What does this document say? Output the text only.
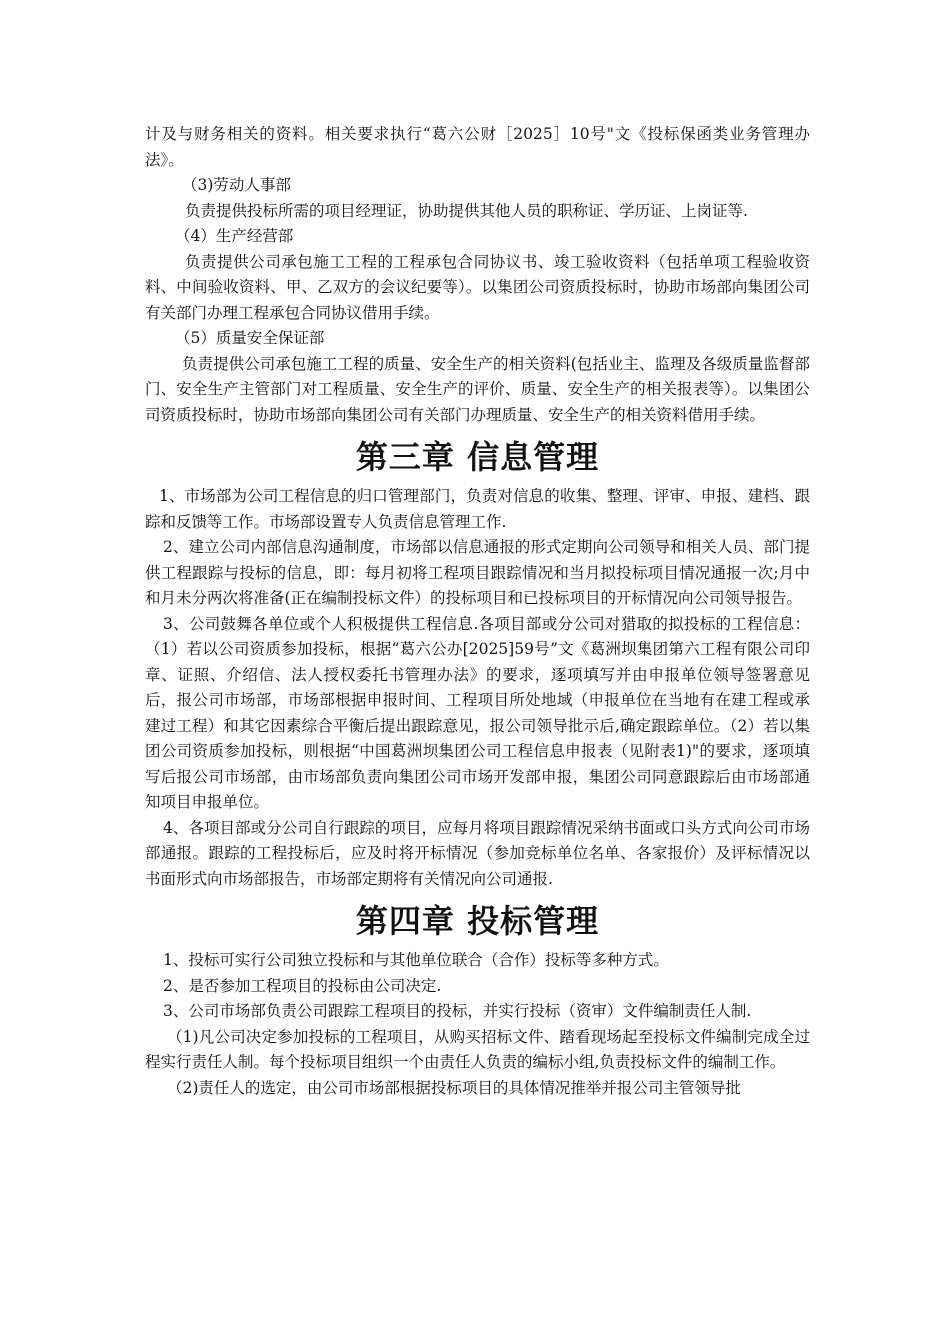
计及与财务相关的资料。相关要求执行“葛六公财［2025］10号"文《投标保函类业务管理办法》。

（3)劳动人事部

负责提供投标所需的项目经理证，协助提供其他人员的职称证、学历证、上岗证等.

（4）生产经营部

负责提供公司承包施工工程的工程承包合同协议书、竣工验收资料（包括单项工程验收资料、中间验收资料、甲、乙双方的会议纪要等）。以集团公司资质投标时，协助市场部向集团公司有关部门办理工程承包合同协议借用手续。

（5）质量安全保证部

负责提供公司承包施工工程的质量、安全生产的相关资料(包括业主、监理及各级质量监督部门、安全生产主管部门对工程质量、安全生产的评价、质量、安全生产的相关报表等）。以集团公司资质投标时，协助市场部向集团公司有关部门办理质量、安全生产的相关资料借用手续。

第三章 信息管理

1、市场部为公司工程信息的归口管理部门，负责对信息的收集、整理、评审、申报、建档、跟踪和反馈等工作。市场部设置专人负责信息管理工作.

2、建立公司内部信息沟通制度，市场部以信息通报的形式定期向公司领导和相关人员、部门提供工程跟踪与投标的信息，即：每月初将工程项目跟踪情况和当月拟投标项目情况通报一次;月中和月未分两次将准备(正在编制投标文件）的投标项目和已投标项目的开标情况向公司领导报告。

3、公司鼓舞各单位或个人积极提供工程信息.各项目部或分公司对猎取的拟投标的工程信息：（1）若以公司资质参加投标，根据“葛六公办[2025]59号”文《葛洲坝集团第六工程有限公司印章、证照、介绍信、法人授权委托书管理办法》的要求，逐项填写并由申报单位领导签署意见后，报公司市场部，市场部根据申报时间、工程项目所处地域（申报单位在当地有在建工程或承建过工程）和其它因素综合平衡后提出跟踪意见，报公司领导批示后,确定跟踪单位。（2）若以集团公司资质参加投标，则根据“中国葛洲坝集团公司工程信息申报表（见附表1)"的要求，逐项填写后报公司市场部，由市场部负责向集团公司市场开发部申报，集团公司同意跟踪后由市场部通知项目申报单位。

4、各项目部或分公司自行跟踪的项目，应每月将项目跟踪情况采纳书面或口头方式向公司市场部通报。跟踪的工程投标后，应及时将开标情况（参加竞标单位名单、各家报价）及评标情况以书面形式向市场部报告，市场部定期将有关情况向公司通报.

第四章 投标管理

1、投标可实行公司独立投标和与其他单位联合（合作）投标等多种方式。

2、是否参加工程项目的投标由公司决定.

3、公司市场部负责公司跟踪工程项目的投标，并实行投标（资审）文件编制责任人制.

（1)凡公司决定参加投标的工程项目，从购买招标文件、踏看现场起至投标文件编制完成全过程实行责任人制。每个投标项目组织一个由责任人负责的编标小组,负责投标文件的编制工作。

（2)责任人的选定，由公司市场部根据投标项目的具体情况推举并报公司主管领导批
